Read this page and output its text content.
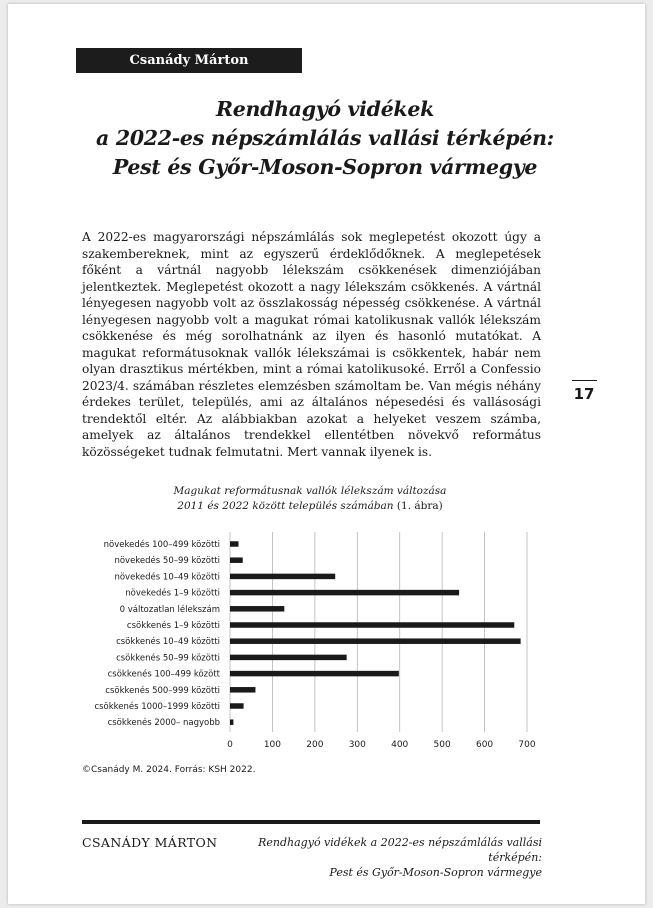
Csanády Márton
Rendhagyó vidékek
a 2022-es népszámlálás vallási térképén:
Pest és Győr-Moson-Sopron vármegye
A 2022-es magyarországi népszámlálás sok meglepetést okozott úgy a szakembereknek, mint az egyszerű érdeklődőknek. A meglepetések főként a vártnál nagyobb lélekszám csökkenések dimenziójában jelentkeztek. Meglepetést okozott a nagy lélekszám csökkenés. A vártnál lényegesen nagyobb volt az összlakosság népesség csökkenése. A vártnál lényegesen nagyobb volt a magukat római katolikusnak vallók lélekszám csökkenése és még sorolhatnánk az ilyen és hasonló mutatókat. A magukat reformátusoknak vallók lélekszámai is csökkentek, habár nem olyan drasztikus mértékben, mint a római katolikusoké. Erről a Confessio 2023/4. számában részletes elemzésben számoltam be. Van mégis néhány érdekes terület, település, ami az általános népesedési és vallásosági trendektől eltér. Az alábbiakban azokat a helyeket veszem számba, amelyek az általános trendekkel ellentétben növekvő református közösségeket tudnak felmutatni. Mert vannak ilyenek is.
17
Magukat reformátusnak vallók lélekszám változása
2011 és 2022 között település számában (1. ábra)
0	100	200	300	400	500	600	700
növekedés 100–499 közötti
növekedés 50–99 közötti
növekedés 10–49 közötti
növekedés 1–9 közötti
0 változatlan lélekszám
csökkenés 1–9 közötti
csökkenés 10–49 közötti
csökkenés 50–99 közötti
csökkenés 100–499 között
csökkenés 500–999 közötti
csökkenés 1000–1999 közötti
csökkenés 2000– nagyobb
©Csanády M. 2024. Forrás: KSH 2022.
CSANÁDY MÁRTON	Rendhagyó vidékek a 2022-es népszámlálás vallási térképén:
Pest és Győr-Moson-Sopron vármegye
